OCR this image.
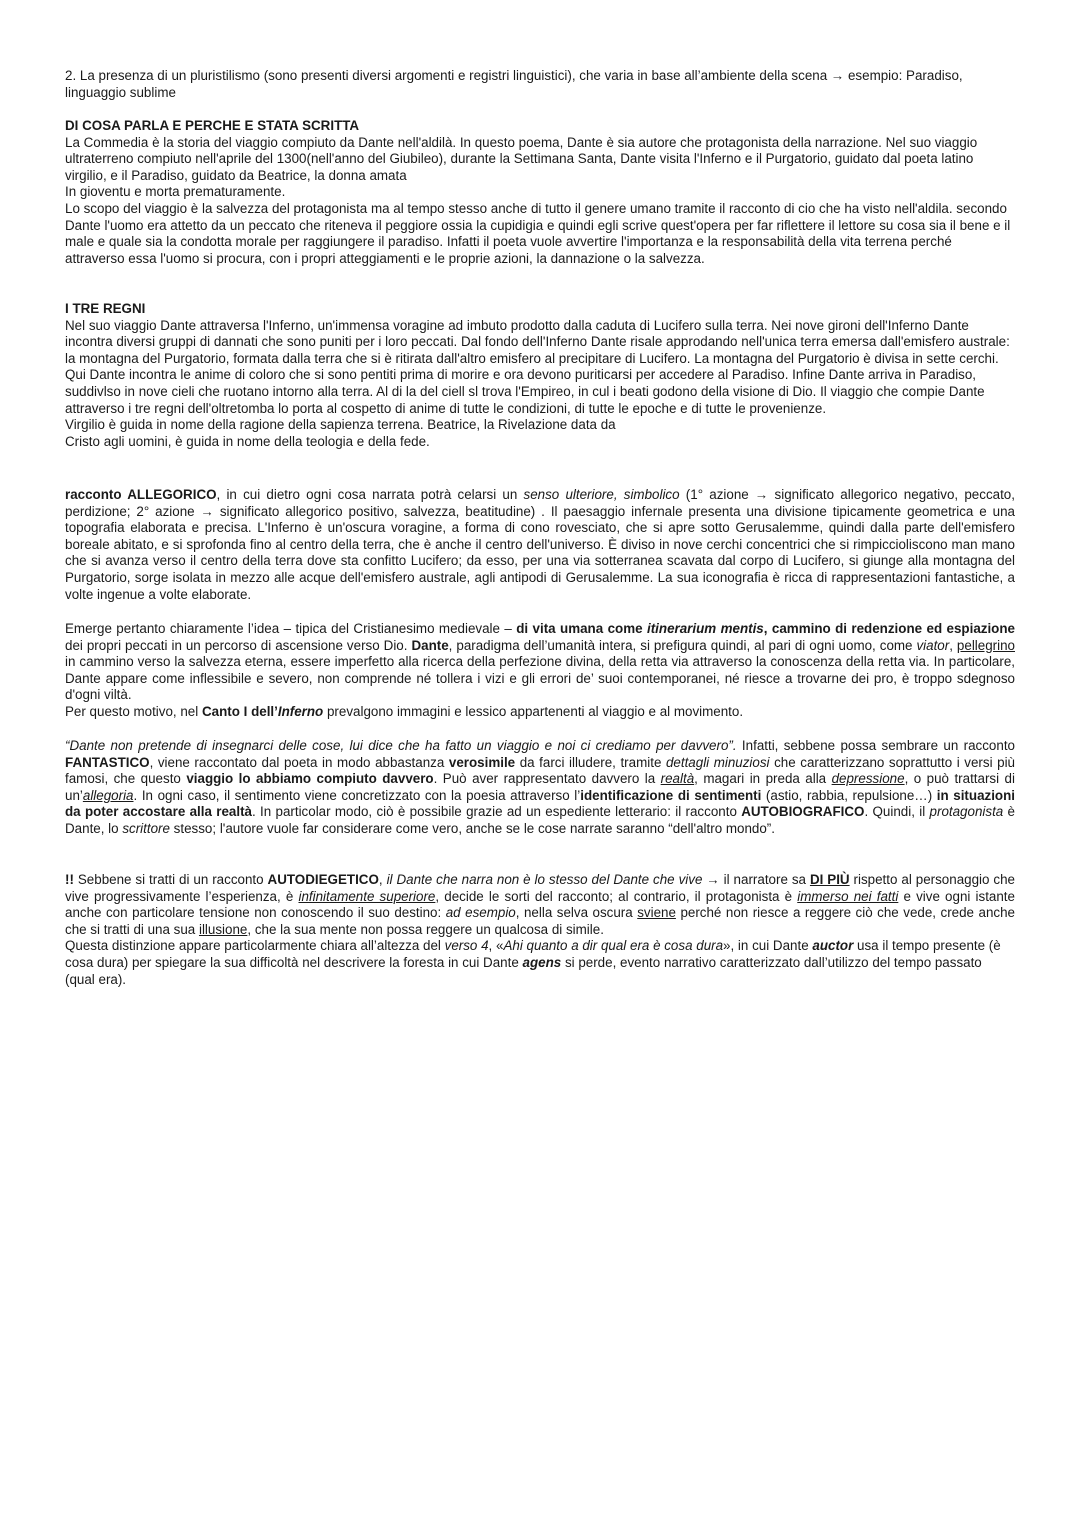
2. La presenza di un pluristilismo (sono presenti diversi argomenti e registri linguistici), che varia in base all’ambiente della scena → esempio: Paradiso, linguaggio sublime

DI COSA PARLA E PERCHE E STATA SCRITTA
La Commedia è la storia del viaggio compiuto da Dante nell'aldilà. In questo poema, Dante è sia autore che protagonista della narrazione. Nel suo viaggio ultraterreno compiuto nell'aprile del 1300(nell'anno del Giubileo), durante la Settimana Santa, Dante visita l'Inferno e il Purgatorio, guidato dal poeta latino virgilio, e il Paradiso, guidato da Beatrice, la donna amata
In gioventu e morta prematuramente.
Lo scopo del viaggio è la salvezza del protagonista ma al tempo stesso anche di tutto il genere umano tramite il racconto di cio che ha visto nell'aldila. secondo Dante l'uomo era attetto da un peccato che riteneva il peggiore ossia la cupidigia e quindi egli scrive quest'opera per far riflettere il lettore su cosa sia il bene e il male e quale sia la condotta morale per raggiungere il paradiso. Infatti il poeta vuole avvertire l'importanza e la responsabilità della vita terrena perché attraverso essa l'uomo si procura, con i propri atteggiamenti e le proprie azioni, la dannazione o la salvezza.
I TRE REGNI
Nel suo viaggio Dante attraversa l'Inferno, un'immensa voragine ad imbuto prodotto dalla caduta di Lucifero sulla terra. Nei nove gironi dell'Inferno Dante incontra diversi gruppi di dannati che sono puniti per i loro peccati. Dal fondo dell'Inferno Dante risale approdando nell'unica terra emersa dall'emisfero australe: la montagna del Purgatorio, formata dalla terra che si è ritirata dall'altro emisfero al precipitare di Lucifero. La montagna del Purgatorio è divisa in sette cerchi. Qui Dante incontra le anime di coloro che si sono pentiti prima di morire e ora devono puriticarsi per accedere al Paradiso. Infine Dante arriva in Paradiso, suddivlso in nove cieli che ruotano intorno alla terra. Al di la del ciell sl trova l'Empireo, in cul i beati godono della visione di Dio. Il viaggio che compie Dante attraverso i tre regni dell'oltretomba lo porta al cospetto di anime di tutte le condizioni, di tutte le epoche e di tutte le provenienze.
Virgilio è guida in nome della ragione della sapienza terrena. Beatrice, la Rivelazione data da
Cristo agli uomini, è guida in nome della teologia e della fede.

racconto ALLEGORICO, in cui dietro ogni cosa narrata potrà celarsi un senso ulteriore, simbolico (1° azione → significato allegorico negativo, peccato, perdizione; 2° azione → significato allegorico positivo, salvezza, beatitudine) . Il paesaggio infernale presenta una divisione tipicamente geometrica e una topografia elaborata e precisa. L'Inferno è un'oscura voragine, a forma di cono rovesciato, che si apre sotto Gerusalemme, quindi dalla parte dell'emisfero boreale abitato, e si sprofonda fino al centro della terra, che è anche il centro dell'universo. È diviso in nove cerchi concentrici che si rimpiccioliscono man mano che si avanza verso il centro della terra dove sta confitto Lucifero; da esso, per una via sotterranea scavata dal corpo di Lucifero, si giunge alla montagna del Purgatorio, sorge isolata in mezzo alle acque dell'emisfero australe, agli antipodi di Gerusalemme. La sua iconografia è ricca di rappresentazioni fantastiche, a volte ingenue a volte elaborate.

Emerge pertanto chiaramente l’idea – tipica del Cristianesimo medievale – di vita umana come itinerarium mentis, cammino di redenzione ed espiazione dei propri peccati in un percorso di ascensione verso Dio. Dante, paradigma dell’umanità intera, si prefigura quindi, al pari di ogni uomo, come viator, pellegrino in cammino verso la salvezza eterna, essere imperfetto alla ricerca della perfezione divina, della retta via attraverso la conoscenza della retta via. In particolare, Dante appare come inflessibile e severo, non comprende né tollera i vizi e gli errori de’ suoi contemporanei, né riesce a trovarne dei pro, è troppo sdegnoso d'ogni viltà.
Per questo motivo, nel Canto I dell’Inferno prevalgono immagini e lessico appartenenti al viaggio e al movimento.

“Dante non pretende di insegnarci delle cose, lui dice che ha fatto un viaggio e noi ci crediamo per davvero”. Infatti, sebbene possa sembrare un racconto FANTASTICO, viene raccontato dal poeta in modo abbastanza verosimile da farci illudere, tramite dettagli minuziosi che caratterizzano soprattutto i versi più famosi, che questo viaggio lo abbiamo compiuto davvero. Può aver rappresentato davvero la realtà, magari in preda alla depressione, o può trattarsi di un’allegoria. In ogni caso, il sentimento viene concretizzato con la poesia attraverso l’identificazione di sentimenti (astio, rabbia, repulsione…) in situazioni da poter accostare alla realtà. In particolar modo, ciò è possibile grazie ad un espediente letterario: il racconto AUTOBIOGRAFICO. Quindi, il protagonista è Dante, lo scrittore stesso; l'autore vuole far considerare come vero, anche se le cose narrate saranno “dell'altro mondo”.

!! Sebbene si tratti di un racconto AUTODIEGETICO, il Dante che narra non è lo stesso del Dante che vive → il narratore sa DI PIÙ rispetto al personaggio che vive progressivamente l’esperienza, è infinitamente superiore, decide le sorti del racconto; al contrario, il protagonista è immerso nei fatti e vive ogni istante anche con particolare tensione non conoscendo il suo destino: ad esempio, nella selva oscura sviene perché non riesce a reggere ciò che vede, crede anche che si tratti di una sua illusione, che la sua mente non possa reggere un qualcosa di simile.
Questa distinzione appare particolarmente chiara all’altezza del verso 4, «Ahi quanto a dir qual era è cosa dura», in cui Dante auctor usa il tempo presente (è cosa dura) per spiegare la sua difficoltà nel descrivere la foresta in cui Dante agens si perde, evento narrativo caratterizzato dall’utilizzo del tempo passato (qual era).
